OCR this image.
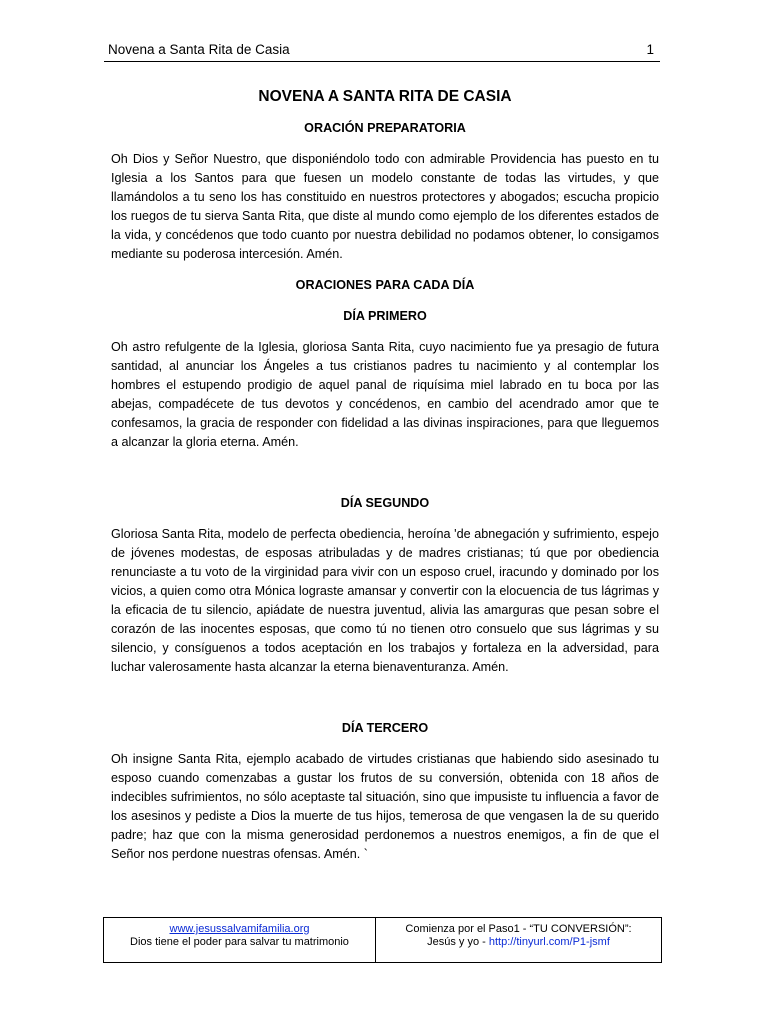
Novena a Santa Rita de Casia	1
NOVENA A SANTA RITA DE CASIA
ORACIÓN PREPARATORIA

Oh Dios y Señor Nuestro, que disponiéndolo todo con admirable Providencia has puesto en tu Iglesia a los Santos para que fuesen un modelo constante de todas las virtudes, y que llamándolos a tu seno los has constituido en nuestros protectores y abogados; escucha propicio los ruegos de tu sierva Santa Rita, que diste al mundo como ejemplo de los diferentes estados de la vida, y concédenos que todo cuanto por nuestra debilidad no podamos obtener, lo consigamos mediante su poderosa intercesión. Amén.

ORACIONES PARA CADA DÍA
DÍA PRIMERO

Oh astro refulgente de la Iglesia, gloriosa Santa Rita, cuyo nacimiento fue ya presagio de futura santidad, al anunciar los Ángeles a tus cristianos padres tu nacimiento y al contemplar los hombres el estupendo prodigio de aquel panal de riquísima miel labrado en tu boca por las abejas, compadécete de tus devotos y concédenos, en cambio del acendrado amor que te confesamos, la gracia de responder con fidelidad a las divinas inspiraciones, para que lleguemos a alcanzar la gloria eterna. Amén.

DÍA SEGUNDO

Gloriosa Santa Rita, modelo de perfecta obediencia, heroína 'de abnegación y sufrimiento, espejo de jóvenes modestas, de esposas atribuladas y de madres cristianas; tú que por obediencia renunciaste a tu voto de la virginidad para vivir con un esposo cruel, iracundo y dominado por los vicios, a quien como otra Mónica lograste amansar y convertir con la elocuencia de tus lágrimas y la eficacia de tu silencio, apiádate de nuestra juventud, alivia las amarguras que pesan sobre el corazón de las inocentes esposas, que como tú no tienen otro consuelo que sus lágrimas y su silencio, y consíguenos a todos aceptación en los trabajos y fortaleza en la adversidad, para luchar valerosamente hasta alcanzar la eterna bienaventuranza. Amén.

DÍA TERCERO

Oh insigne Santa Rita, ejemplo acabado de virtudes cristianas que habiendo sido asesinado tu esposo cuando comenzabas a gustar los frutos de su conversión, obtenida con 18 años de indecibles sufrimientos, no sólo aceptaste tal situación, sino que impusiste tu influencia a favor de los asesinos y pediste a Dios la muerte de tus hijos, temerosa de que vengasen la de su querido padre; haz que con la misma generosidad perdonemos a nuestros enemigos, a fin de que el Señor nos perdone nuestras ofensas. Amén. `

www.jesussalvamifamilia.org
Dios tiene el poder para salvar tu matrimonio
Comienza por el Paso1 - “TU CONVERSIÓN”:
Jesús y yo - http://tinyurl.com/P1-jsmf
